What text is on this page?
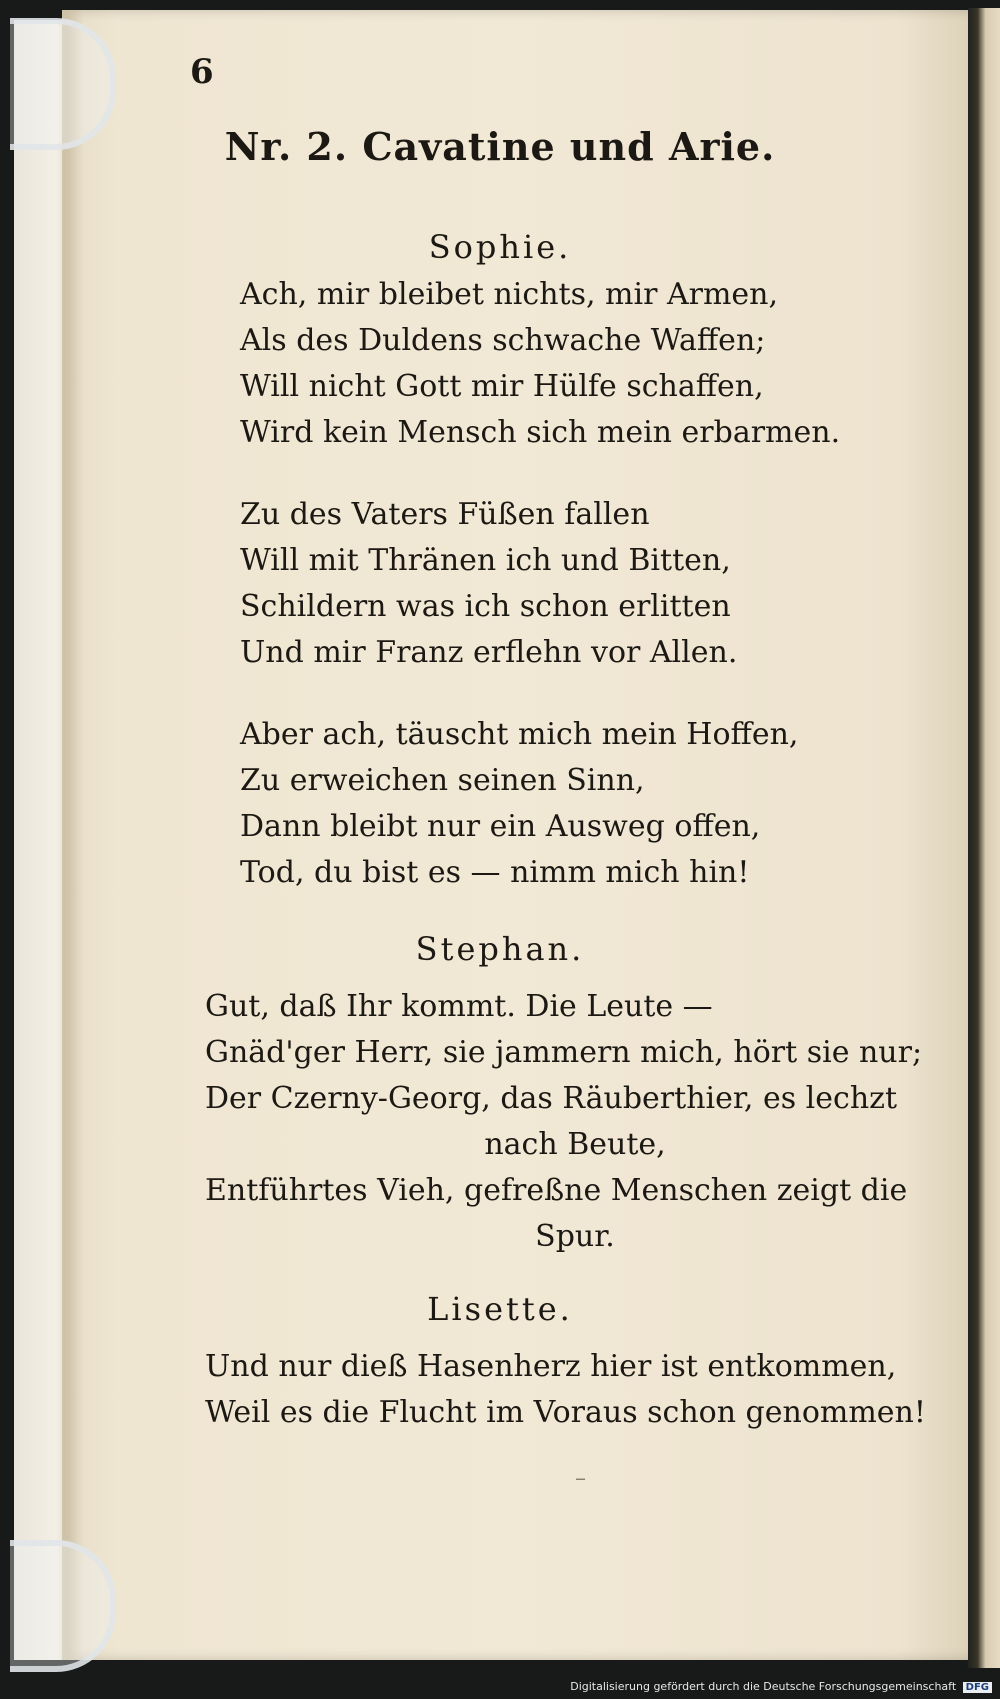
6
Nr. 2. Cavatine und Arie.
Sophie.
Ach, mir bleibet nichts, mir Armen,
Als des Duldens schwache Waffen;
Will nicht Gott mir Hülfe schaffen,
Wird kein Mensch sich mein erbarmen.
Zu des Vaters Füßen fallen
Will mit Thränen ich und Bitten,
Schildern was ich schon erlitten
Und mir Franz erflehn vor Allen.
Aber ach, täuscht mich mein Hoffen,
Zu erweichen seinen Sinn,
Dann bleibt nur ein Ausweg offen,
Tod, du bist es — nimm mich hin!
Stephan.
Gut, daß Ihr kommt. Die Leute —
Gnäd'ger Herr, sie jammern mich, hört sie nur;
Der Czerny-Georg, das Räuberthier, es lechzt
nach Beute,
Entführtes Vieh, gefreßne Menschen zeigt die
Spur.
Lisette.
Und nur dieß Hasenherz hier ist entkommen,
Weil es die Flucht im Voraus schon genommen!
–
Digitalisierung gefördert durch die Deutsche Forschungsgemeinschaft DFG
